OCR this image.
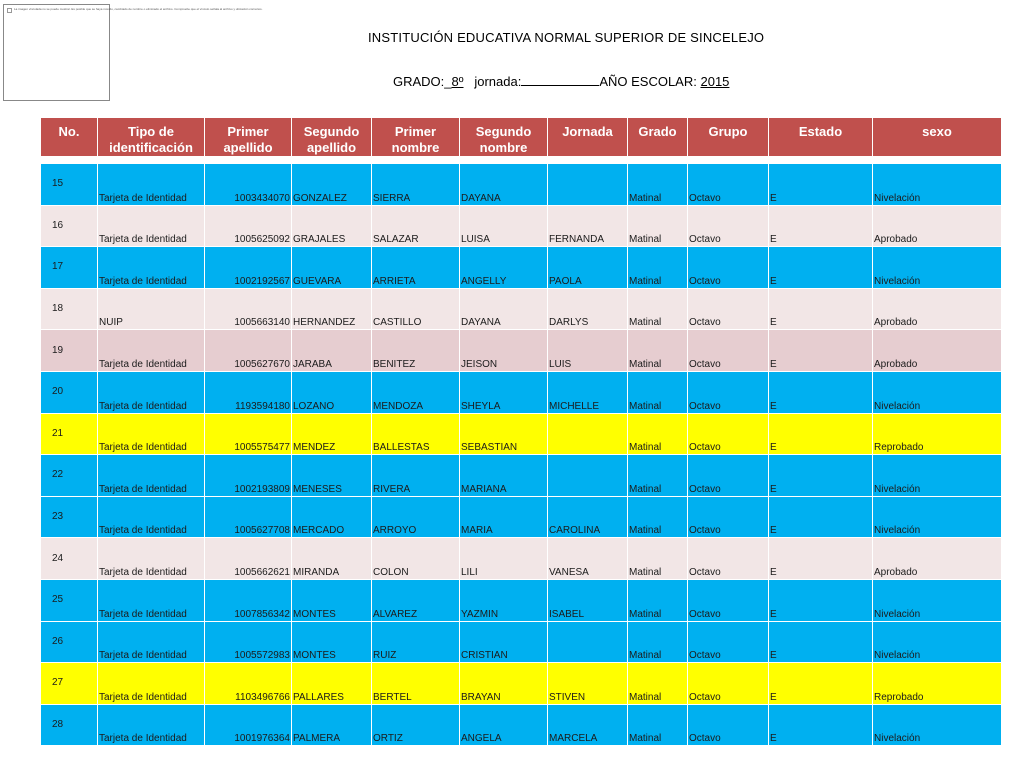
La imagen vinculada no se puede mostrar. Es posible que se haya movido, cambiado de nombre o eliminado el archivo. Compruebe que el vínculo señala al archivo y ubicación correctos.
INSTITUCIÓN EDUCATIVA NORMAL SUPERIOR DE SINCELEJO
GRADO:_8º jornada:	AÑO ESCOLAR: 2015
No.	Tipo de identificación	Primer apellido	Segundo apellido	Primer nombre	Segundo nombre	Jornada	Grado	Grupo	Estado	sexo

15	Tarjeta de Identidad	1003434070	GONZALEZ	SIERRA	DAYANA		Matinal	Octavo	E	Nivelación
16	Tarjeta de Identidad	1005625092	GRAJALES	SALAZAR	LUISA	FERNANDA	Matinal	Octavo	E	Aprobado
17	Tarjeta de Identidad	1002192567	GUEVARA	ARRIETA	ANGELLY	PAOLA	Matinal	Octavo	E	Nivelación
18	NUIP	1005663140	HERNANDEZ	CASTILLO	DAYANA	DARLYS	Matinal	Octavo	E	Aprobado
19	Tarjeta de Identidad	1005627670	JARABA	BENITEZ	JEISON	LUIS	Matinal	Octavo	E	Aprobado
20	Tarjeta de Identidad	1193594180	LOZANO	MENDOZA	SHEYLA	MICHELLE	Matinal	Octavo	E	Nivelación
21	Tarjeta de Identidad	1005575477	MENDEZ	BALLESTAS	SEBASTIAN		Matinal	Octavo	E	Reprobado
22	Tarjeta de Identidad	1002193809	MENESES	RIVERA	MARIANA		Matinal	Octavo	E	Nivelación
23	Tarjeta de Identidad	1005627708	MERCADO	ARROYO	MARIA	CAROLINA	Matinal	Octavo	E	Nivelación
24	Tarjeta de Identidad	1005662621	MIRANDA	COLON	LILI	VANESA	Matinal	Octavo	E	Aprobado
25	Tarjeta de Identidad	1007856342	MONTES	ALVAREZ	YAZMIN	ISABEL	Matinal	Octavo	E	Nivelación
26	Tarjeta de Identidad	1005572983	MONTES	RUIZ	CRISTIAN		Matinal	Octavo	E	Nivelación
27	Tarjeta de Identidad	1103496766	PALLARES	BERTEL	BRAYAN	STIVEN	Matinal	Octavo	E	Reprobado
28	Tarjeta de Identidad	1001976364	PALMERA	ORTIZ	ANGELA	MARCELA	Matinal	Octavo	E	Nivelación
